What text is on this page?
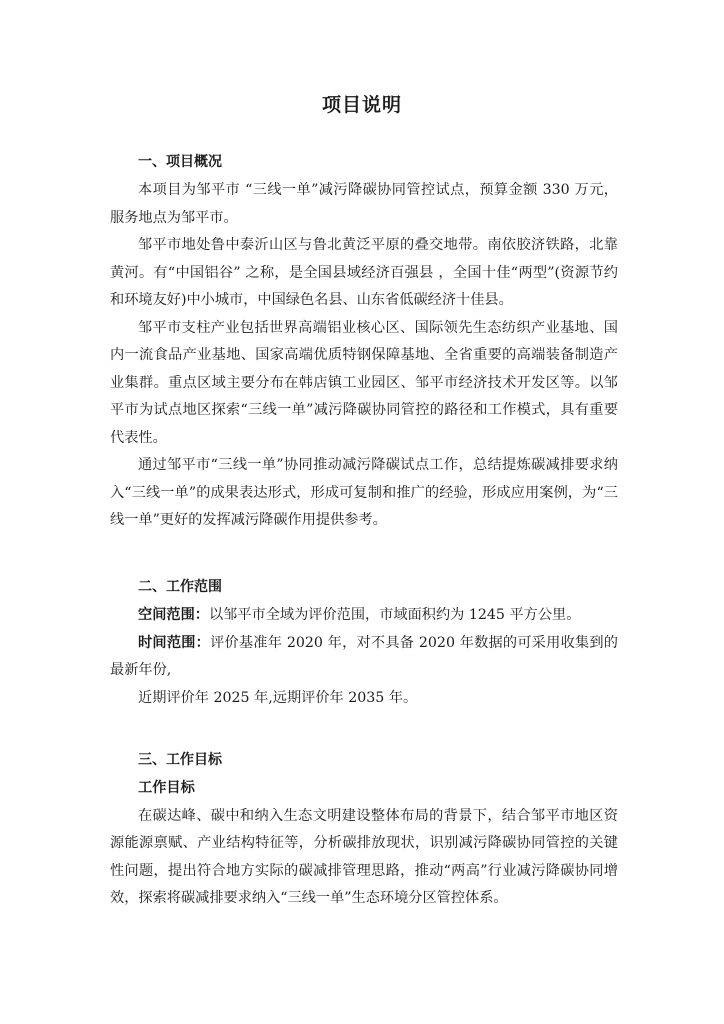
项目说明
一、项目概况
本项目为邹平市 “三线一单”减污降碳协同管控试点，预算金额 330 万元，服务地点为邹平市。
邹平市地处鲁中泰沂山区与鲁北黄泛平原的叠交地带。南依胶济铁路，北靠黄河。有“中国铝谷” 之称，是全国县域经济百强县 ，全国十佳“两型”(资源节约和环境友好)中小城市，中国绿色名县、山东省低碳经济十佳县。
邹平市支柱产业包括世界高端铝业核心区、国际领先生态纺织产业基地、国内一流食品产业基地、国家高端优质特钢保障基地、全省重要的高端装备制造产业集群。重点区域主要分布在韩店镇工业园区、邹平市经济技术开发区等。以邹平市为试点地区探索“三线一单”减污降碳协同管控的路径和工作模式，具有重要代表性。
通过邹平市“三线一单”协同推动减污降碳试点工作，总结提炼碳减排要求纳入“三线一单”的成果表达形式，形成可复制和推广的经验，形成应用案例，为“三线一单”更好的发挥减污降碳作用提供参考。
二、工作范围
空间范围：以邹平市全域为评价范围，市域面积约为 1245 平方公里。
时间范围：评价基准年 2020 年，对不具备 2020 年数据的可采用收集到的最新年份,
近期评价年 2025 年,远期评价年 2035 年。
三、工作目标
工作目标
在碳达峰、碳中和纳入生态文明建设整体布局的背景下，结合邹平市地区资源能源禀赋、产业结构特征等，分析碳排放现状，识别减污降碳协同管控的关键性问题，提出符合地方实际的碳减排管理思路，推动“两高”行业减污降碳协同增效，探索将碳减排要求纳入“三线一单”生态环境分区管控体系。
